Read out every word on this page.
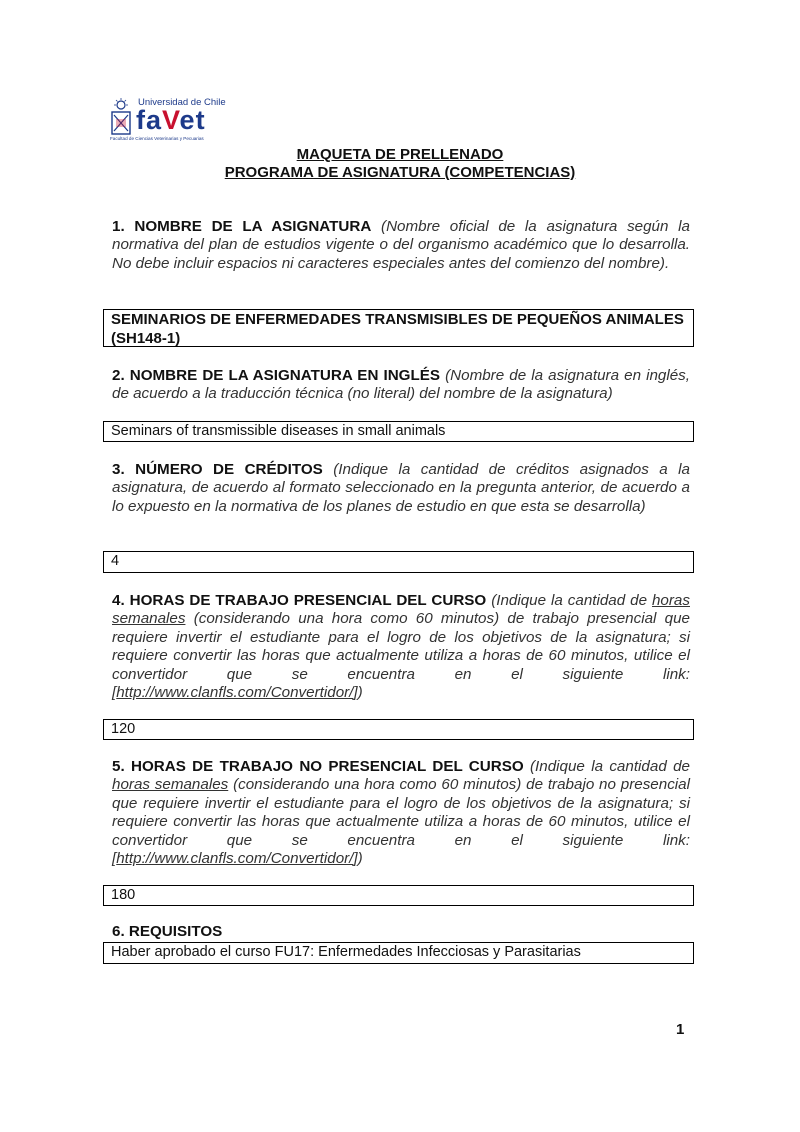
Universidad de Chile
faVet
Facultad de Ciencias Veterinarias y Pecuarias
MAQUETA DE PRELLENADO
PROGRAMA DE ASIGNATURA (COMPETENCIAS)
1. NOMBRE DE LA ASIGNATURA (Nombre oficial de la asignatura según la normativa del plan de estudios vigente o del organismo académico que lo desarrolla. No debe incluir espacios ni caracteres especiales antes del comienzo del nombre).
SEMINARIOS DE ENFERMEDADES TRANSMISIBLES DE PEQUEÑOS ANIMALES (SH148-1)
2. NOMBRE DE LA ASIGNATURA EN INGLÉS (Nombre de la asignatura en inglés, de acuerdo a la traducción técnica (no literal) del nombre de la asignatura)
Seminars of transmissible diseases in small animals
3. NÚMERO DE CRÉDITOS (Indique la cantidad de créditos asignados a la asignatura, de acuerdo al formato seleccionado en la pregunta anterior, de acuerdo a lo expuesto en la normativa de los planes de estudio en que esta se desarrolla)
4
4. HORAS DE TRABAJO PRESENCIAL DEL CURSO (Indique la cantidad de horas semanales (considerando una hora como 60 minutos) de trabajo presencial que requiere invertir el estudiante para el logro de los objetivos de la asignatura; si requiere convertir las horas que actualmente utiliza a horas de 60 minutos, utilice el convertidor que se encuentra en el siguiente link: [http://www.clanfls.com/Convertidor/])
120
5. HORAS DE TRABAJO NO PRESENCIAL DEL CURSO (Indique la cantidad de horas semanales (considerando una hora como 60 minutos) de trabajo no presencial que requiere invertir el estudiante para el logro de los objetivos de la asignatura; si requiere convertir las horas que actualmente utiliza a horas de 60 minutos, utilice el convertidor que se encuentra en el siguiente link: [http://www.clanfls.com/Convertidor/])
180
6. REQUISITOS
Haber aprobado el curso FU17: Enfermedades Infecciosas y Parasitarias
1
